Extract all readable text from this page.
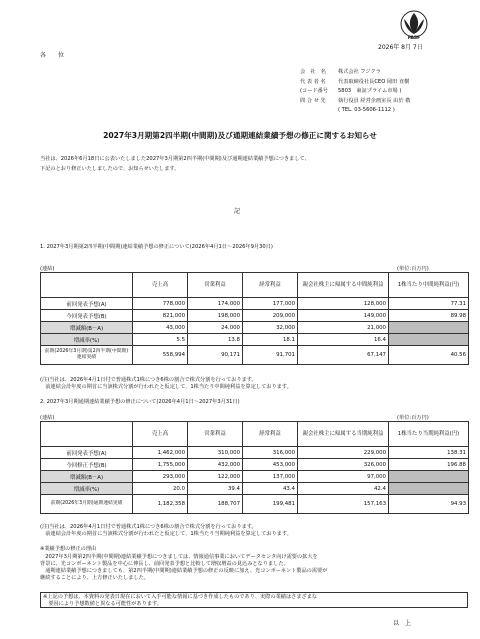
FASF
2026年 8月 7日
各　　位
会　社　名 株式会社 フジクラ
代 表 者 名 代表取締役社長CEO 岡田 直樹
(コード番号 5803　東証プライム市場 )
問 合 せ 先 執行役員 経営企画室長 由於 敬
( TEL. 03-5606-1112 )
2027年3月期第2四半期(中間期)及び通期連結業績予想の修正に関するお知らせ
当社は、2026年6月18日に公表いたしました2027年3月期第2四半期(中間期)及び通期連結業績予想につきまして、
下記のとおり修正いたしましたので、お知らせいたします。
記
1. 2027年3月期第2四半期(中間期)連結業績予想の修正について(2026年4月1日～2026年9月30日)
(連結)	(単位:百万円)
	売上高	営業利益	経常利益	親会社株主に帰属する中間純利益	1株当たり中間純利益(円)
前回発表予想(A)	778,000	174,000	177,000	128,000	77.31
今回発表予想(B)	821,000	198,000	209,000	149,000	89.98
増減額(B－A)	43,000	24,000	32,000	21,000	
増減率(%)	5.5	13.8	18.1	16.4	
前期(2026年3月期)第2四半期(中間期)連結実績	558,994	90,171	91,701	67,147	40.56
(注)当社は、2026年4月1日付で普通株式1株につき6株の割合で株式分割を行っております。
　前連結会計年度の期首に当該株式分割が行われたと仮定して、1株当たり中間純利益を算定しております。
2. 2027年3月期通期連結業績予想の修正について(2026年4月1日～2027年3月31日)
(連結)	(単位:百万円)
	売上高	営業利益	経常利益	親会社株主に帰属する当期純利益	1株当たり当期純利益(円)
前回発表予想(A)	1,462,000	310,000	316,000	229,000	138.31
今回修正予想(B)	1,755,000	432,000	453,000	326,000	196.88
増減額(B－A)	293,000	122,000	137,000	97,000	
増減率(%)	20.0	39.4	43.4	42.4	
前期(2026年3月期)通期連結実績	1,182,358	188,707	199,481	157,163	94.93
(注)当社は、2026年4月1日付で普通株式1株につき6株の割合で株式分割を行っております。
　前連結会計年度の期首に当該株式分割が行われたと仮定して、1株当たり当期純利益を算定しております。
※業績予想の修正の理由
　2027年3月期第2四半期(中間期)連結業績予想につきましては、情報通信事業においてデータセンタ向け需要の拡大を
背景に、光コンポーネント製品を中心に伸長し、前回発表予想と比較して増収増益の見込みとなりました。
　通期連結業績予想につきましても、第2四半期(中間期)連結業績予想の修正の反映に加え、光コンポーネント製品の需要が
継続することにより、上方修正いたしました。
※上記の予想は、本資料の発表日現在において入手可能な情報に基づき作成したものであり、実際の業績はさまざまな
　要因により予想数値と異なる可能性があります。
以　上
